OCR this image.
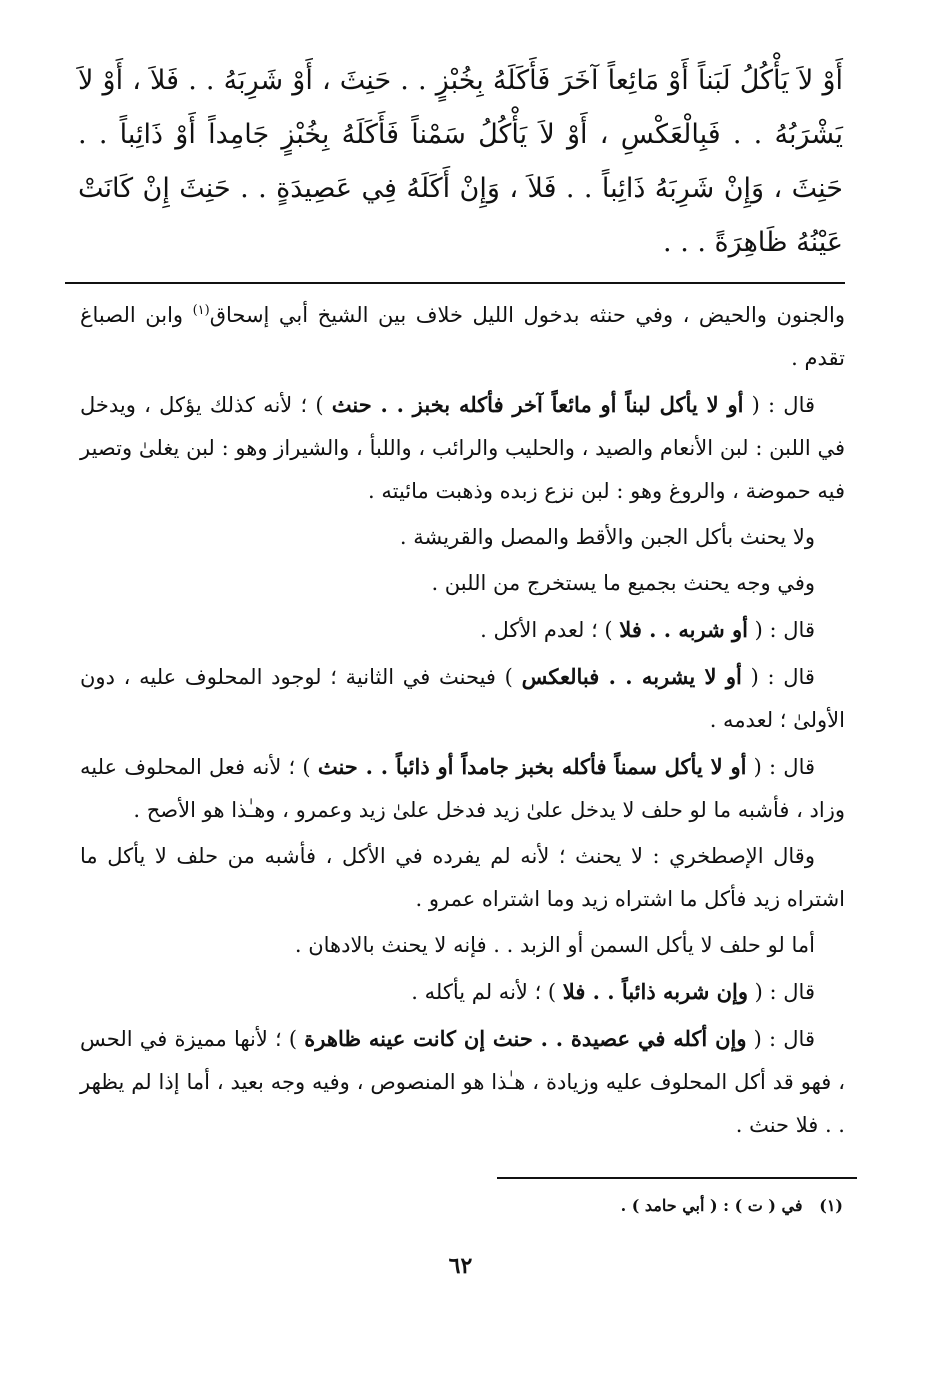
أَوْ لاَ يَأْكُلُ لَبَناً أَوْ مَائِعاً آخَرَ فَأَكَلَهُ بِخُبْزٍ . . حَنِثَ ، أَوْ شَرِبَهُ . . فَلاَ ، أَوْ لاَ يَشْرَبُهُ . . فَبِالْعَكْسِ ، أَوْ لاَ يَأْكُلُ سَمْناً فَأَكَلَهُ بِخُبْزٍ جَامِداً أَوْ ذَائِباً . . حَنِثَ ، وَإِنْ شَرِبَهُ ذَائِباً . . فَلاَ ، وَإِنْ أَكَلَهُ فِي عَصِيدَةٍ . . حَنِثَ إِنْ كَانَتْ عَيْنُهُ ظَاهِرَةً . . .

والجنون والحيض ، وفي حنثه بدخول الليل خلاف بين الشيخ أبي إسحاق$^{(١)}$ وابن الصباغ تقدم .

قال : ( أو لا يأكل لبناً أو مائعاً آخر فأكله بخبز . . حنث ) ؛ لأنه كذلك يؤكل ، ويدخل في اللبن : لبن الأنعام والصيد ، والحليب والرائب ، واللبأ ، والشيراز وهو : لبن يغلىٰ وتصير فيه حموضة ، والروغ وهو : لبن نزع زبده وذهبت مائيته .

ولا يحنث بأكل الجبن والأقط والمصل والقريشة .

وفي وجه يحنث بجميع ما يستخرج من اللبن .

قال : ( أو شربه . . فلا ) ؛ لعدم الأكل .

قال : ( أو لا يشربه . . فبالعكس ) فيحنث في الثانية ؛ لوجود المحلوف عليه ، دون الأولىٰ ؛ لعدمه .

قال : ( أو لا يأكل سمناً فأكله بخبز جامداً أو ذائباً . . حنث ) ؛ لأنه فعل المحلوف عليه وزاد ، فأشبه ما لو حلف لا يدخل علىٰ زيد فدخل علىٰ زيد وعمرو ، وهـٰذا هو الأصح .

وقال الإصطخري : لا يحنث ؛ لأنه لم يفرده في الأكل ، فأشبه من حلف لا يأكل ما اشتراه زيد فأكل ما اشتراه زيد وما اشتراه عمرو .

أما لو حلف لا يأكل السمن أو الزبد . . فإنه لا يحنث بالادهان .

قال : ( وإن شربه ذائباً . . فلا ) ؛ لأنه لم يأكله .

قال : ( وإن أكله في عصيدة . . حنث إن كانت عينه ظاهرة ) ؛ لأنها مميزة في الحس ، فهو قد أكل المحلوف عليه وزيادة ، هـٰذا هو المنصوص ، وفيه وجه بعيد ، أما إذا لم يظهر . . فلا حنث .

(١)   في ( ت ) : ( أبي حامد ) .
٦٢
